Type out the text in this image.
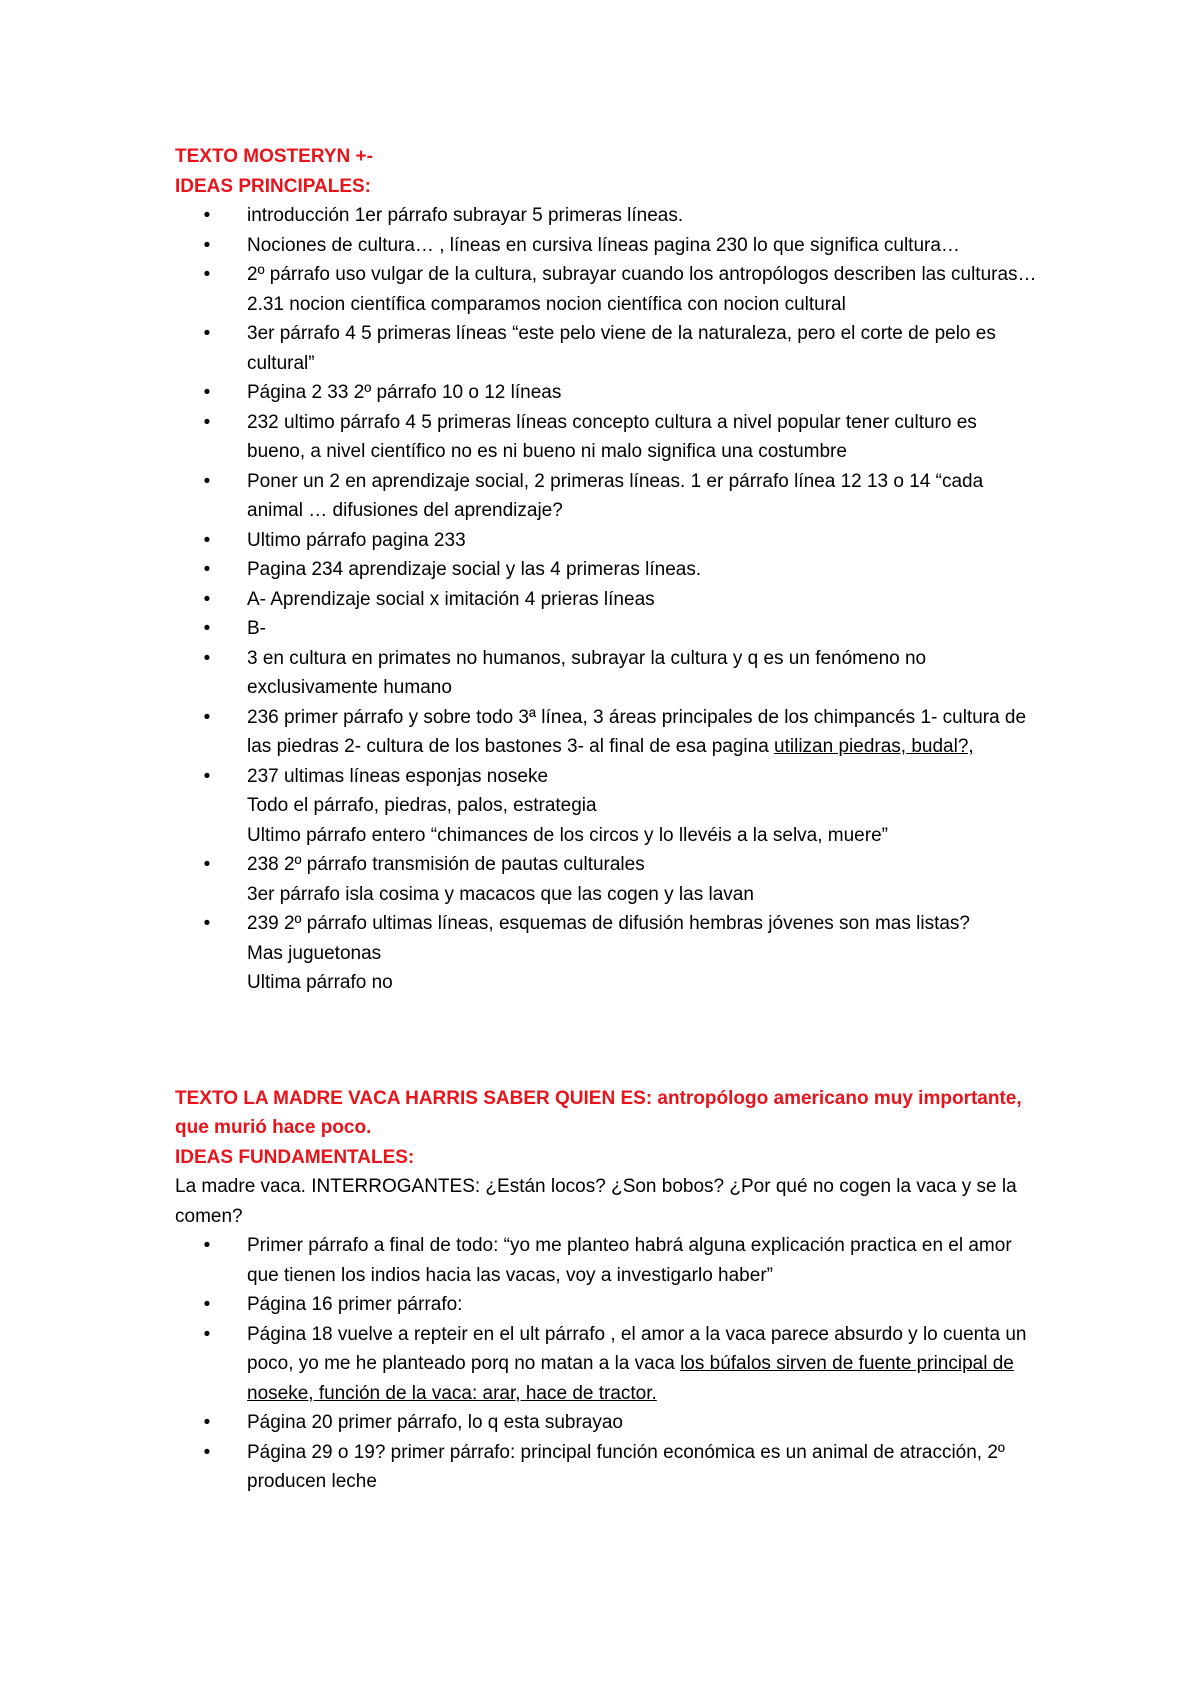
TEXTO MOSTERYN +-
IDEAS PRINCIPALES:
•	introducción 1er párrafo subrayar 5 primeras líneas.
•	Nociones de cultura… , líneas en cursiva líneas pagina 230 lo que significa cultura…
•	2º párrafo uso vulgar de la cultura, subrayar cuando los antropólogos describen las culturas… 2.31 nocion científica comparamos nocion científica con nocion cultural
•	3er párrafo 4 5 primeras líneas “este pelo viene de la naturaleza, pero el corte de pelo es cultural”
•	Página 2 33 2º párrafo 10 o 12 líneas
•	232 ultimo párrafo 4 5 primeras líneas concepto cultura a nivel popular tener culturo es bueno, a nivel científico no es ni bueno ni malo significa una costumbre
•	Poner un 2 en aprendizaje social, 2 primeras líneas. 1 er párrafo línea 12 13 o 14 “cada animal … difusiones del aprendizaje?
•	Ultimo párrafo pagina 233
•	Pagina 234 aprendizaje social y las 4 primeras líneas.
•	A- Aprendizaje social x imitación 4 prieras líneas
•	B-
•	3 en cultura en primates no humanos, subrayar la cultura y q es un fenómeno no exclusivamente humano
•	236 primer párrafo y sobre todo 3ª línea, 3 áreas principales de los chimpancés 1- cultura de las piedras 2- cultura de los bastones 3- al final de esa pagina utilizan piedras, budal?,
•	237 ultimas líneas esponjas noseke
Todo el párrafo, piedras, palos, estrategia
Ultimo párrafo entero “chimances de los circos y lo llevéis a la selva, muere”
•	238 2º párrafo transmisión de pautas culturales
3er párrafo isla cosima y macacos que las cogen y las lavan
•	239 2º párrafo ultimas líneas, esquemas de difusión hembras jóvenes son mas listas?
Mas juguetonas
Ultima párrafo no
TEXTO LA MADRE VACA HARRIS SABER QUIEN ES: antropólogo americano muy importante, que murió hace poco.
IDEAS FUNDAMENTALES:
La madre vaca. INTERROGANTES: ¿Están locos? ¿Son bobos? ¿Por qué no cogen la vaca y se la comen?
•	Primer párrafo a final de todo: “yo me planteo habrá alguna explicación practica en el amor que tienen los indios hacia las vacas, voy a investigarlo haber”
•	Página 16 primer párrafo:
•	Página 18 vuelve a repteir en el ult párrafo , el amor a la vaca parece absurdo y lo cuenta un poco, yo me he planteado porq no matan a la vaca los búfalos sirven de fuente principal de noseke, función de la vaca: arar, hace de tractor.
•	Página 20 primer párrafo, lo q esta subrayao
•	Página 29 o 19? primer párrafo: principal función económica es un animal de atracción, 2º producen leche
